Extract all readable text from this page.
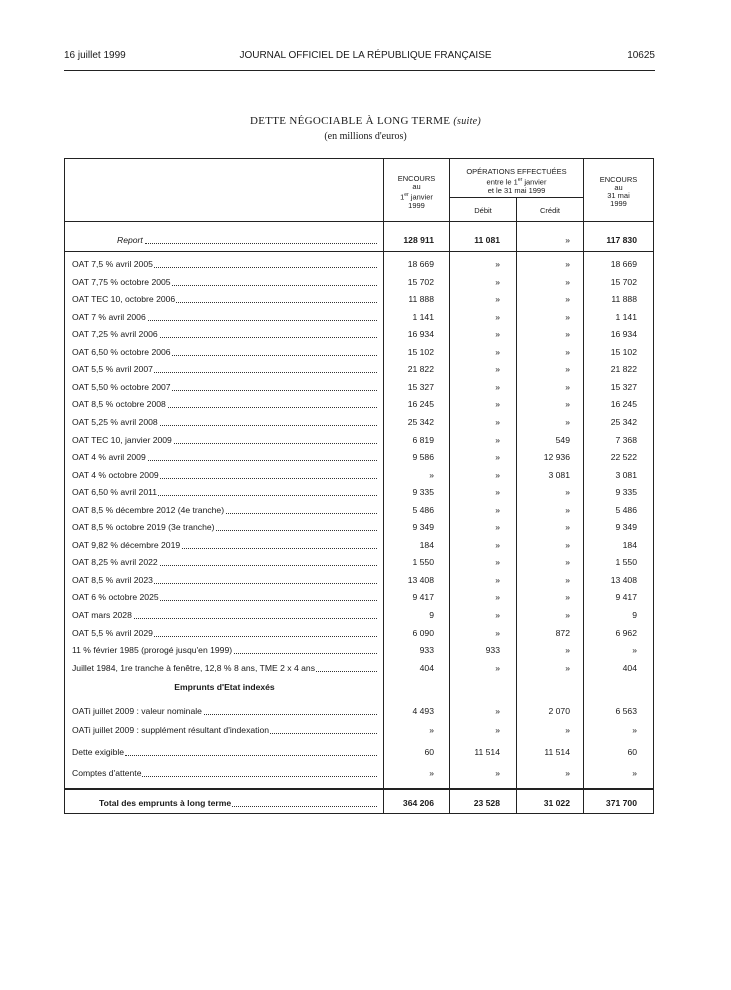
16 juillet 1999	JOURNAL OFFICIEL DE LA RÉPUBLIQUE FRANÇAISE	10625
DETTE NÉGOCIABLE À LONG TERME (suite)
(en millions d'euros)
ENCOURS
au
1er janvier
1999
OPÉRATIONS EFFECTUÉES
entre le 1er janvier
et le 31 mai 1999
Débit	Crédit
ENCOURS
au
31 mai
1999
Report	128 911	11 081	»	117 830
OAT 7,5 % avril 2005	18 669	»	»	18 669
OAT 7,75 % octobre 2005	15 702	»	»	15 702
OAT TEC 10, octobre 2006	11 888	»	»	11 888
OAT 7 % avril 2006	1 141	»	»	1 141
OAT 7,25 % avril 2006	16 934	»	»	16 934
OAT 6,50 % octobre 2006	15 102	»	»	15 102
OAT 5,5 % avril 2007	21 822	»	»	21 822
OAT 5,50 % octobre 2007	15 327	»	»	15 327
OAT 8,5 % octobre 2008	16 245	»	»	16 245
OAT 5,25 % avril 2008	25 342	»	»	25 342
OAT TEC 10, janvier 2009	6 819	»	549	7 368
OAT 4 % avril 2009	9 586	»	12 936	22 522
OAT 4 % octobre 2009	»	»	3 081	3 081
OAT 6,50 % avril 2011	9 335	»	»	9 335
OAT 8,5 % décembre 2012 (4e tranche)	5 486	»	»	5 486
OAT 8,5 % octobre 2019 (3e tranche)	9 349	»	»	9 349
OAT 9,82 % décembre 2019	184	»	»	184
OAT 8,25 % avril 2022	1 550	»	»	1 550
OAT 8,5 % avril 2023	13 408	»	»	13 408
OAT 6 % octobre 2025	9 417	»	»	9 417
OAT mars 2028	9	»	»	9
OAT 5,5 % avril 2029	6 090	»	872	6 962
11 % février 1985 (prorogé jusqu'en 1999)	933	933	»	»
Juillet 1984, 1re tranche à fenêtre, 12,8 % 8 ans, TME 2 x 4 ans	404	»	»	404
Emprunts d'Etat indexés
OATi juillet 2009 : valeur nominale	4 493	»	2 070	6 563
OATi juillet 2009 : supplément résultant d'indexation	»	»	»	»
Dette exigible	60	11 514	11 514	60
Comptes d'attente	»	»	»	»
Total des emprunts à long terme	364 206	23 528	31 022	371 700
